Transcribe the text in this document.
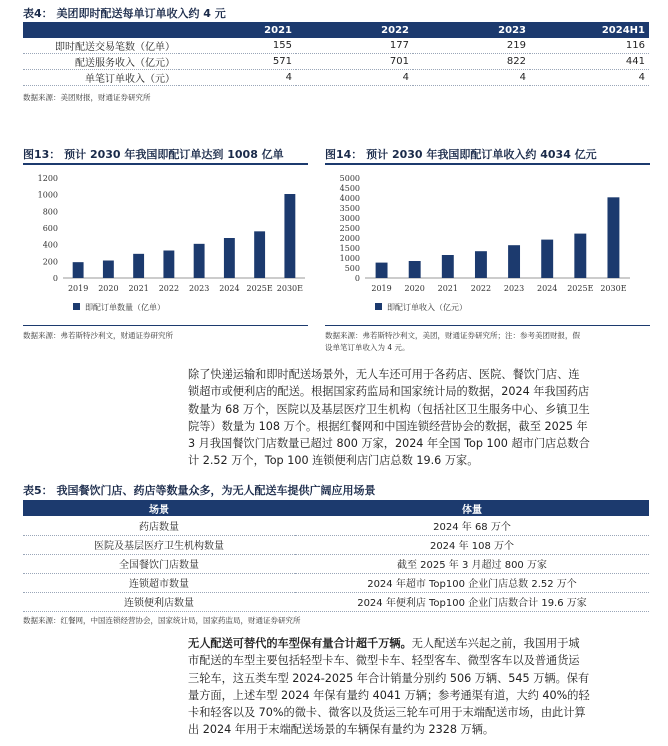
表4： 美团即时配送每单订单收入约 4 元
	2021	2022	2023	2024H1
即时配送交易笔数（亿单）	155	177	219	116
配送服务收入（亿元）	571	701	822	441
单笔订单收入（元）	4	4	4	4
数据来源：美团财报，财通证券研究所
图13： 预计 2030 年我国即配订单达到 1008 亿单
0
200
400
600
800
1000
1200
2019 2020 2021 2022 2023 2024 2025E 2030E
即配订单数量（亿单）
数据来源：弗若斯特沙利文，财通证券研究所
图14： 预计 2030 年我国即配订单收入约 4034 亿元
0
500
1000
1500
2000
2500
3000
3500
4000
4500
5000
2019 2020 2021 2022 2023 2024 2025E 2030E
即配订单收入（亿元）
数据来源：弗若斯特沙利文，美团，财通证券研究所；注：参考美团财报，假
设单笔订单收入为 4 元。
除了快递运输和即时配送场景外，无人车还可用于各药店、医院、餐饮门店、连
锁超市或便利店的配送。根据国家药监局和国家统计局的数据，2024 年我国药店
数量为 68 万个，医院以及基层医疗卫生机构（包括社区卫生服务中心、乡镇卫生
院等）数量为 108 万个。根据红餐网和中国连锁经营协会的数据，截至 2025 年
3 月我国餐饮门店数量已超过 800 万家，2024 年全国 Top 100 超市门店总数合
计 2.52 万个，Top 100 连锁便利店门店总数 19.6 万家。
表5： 我国餐饮门店、药店等数量众多，为无人配送车提供广阔应用场景
场景	体量
药店数量	2024 年 68 万个
医院及基层医疗卫生机构数量	2024 年 108 万个
全国餐饮门店数量	截至 2025 年 3 月超过 800 万家
连锁超市数量	2024 年超市 Top100 企业门店总数 2.52 万个
连锁便利店数量	2024 年便利店 Top100 企业门店数合计 19.6 万家
数据来源：红餐网，中国连锁经营协会，国家统计局，国家药监局，财通证券研究所
无人配送可替代的车型保有量合计超千万辆。无人配送车兴起之前，我国用于城
市配送的车型主要包括轻型卡车、微型卡车、轻型客车、微型客车以及普通货运
三轮车，这五类车型 2024-2025 年合计销量分别约 506 万辆、545 万辆。保有
量方面，上述车型 2024 年保有量约 4041 万辆；参考通渠有道，大约 40%的轻
卡和轻客以及 70%的微卡、微客以及货运三轮车可用于末端配送市场，由此计算
出 2024 年用于末端配送场景的车辆保有量约为 2328 万辆。
